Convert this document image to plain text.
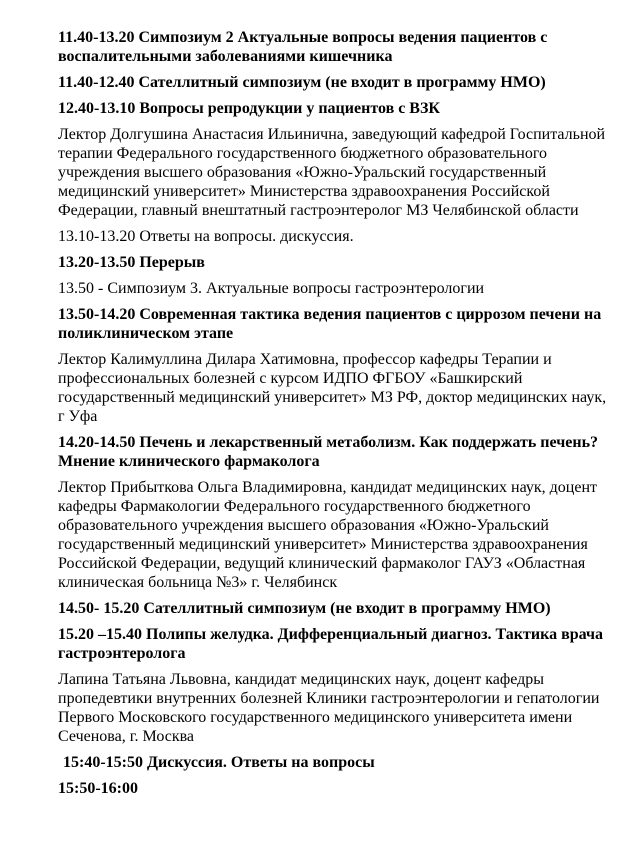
11.40-13.20 Симпозиум 2 Актуальные вопросы ведения пациентов с воспалительными заболеваниями кишечника

11.40-12.40 Сателлитный симпозиум (не входит в программу НМО)

12.40-13.10 Вопросы репродукции у пациентов с ВЗК

Лектор Долгушина Анастасия Ильинична, заведующий кафедрой Госпитальной терапии Федерального государственного бюджетного образовательного учреждения высшего образования «Южно-Уральский государственный медицинский университет» Министерства здравоохранения Российской Федерации, главный внештатный гастроэнтеролог МЗ Челябинской области

13.10-13.20 Ответы на вопросы. дискуссия.

13.20-13.50 Перерыв

13.50 - Симпозиум 3. Актуальные вопросы гастроэнтерологии

13.50-14.20 Современная тактика ведения пациентов с циррозом печени на поликлиническом этапе

Лектор Калимуллина Дилара Хатимовна, профессор кафедры Терапии и профессиональных болезней с курсом ИДПО ФГБОУ «Башкирский государственный медицинский университет» МЗ РФ, доктор медицинских наук, г Уфа

14.20-14.50 Печень и лекарственный метаболизм. Как поддержать печень? Мнение клинического фармаколога

Лектор Прибыткова Ольга Владимировна, кандидат медицинских наук, доцент кафедры Фармакологии Федерального государственного бюджетного образовательного учреждения высшего образования «Южно-Уральский государственный медицинский университет» Министерства здравоохранения Российской Федерации, ведущий клинический фармаколог ГАУЗ «Областная клиническая больница №3» г. Челябинск

14.50- 15.20 Сателлитный симпозиум (не входит в программу НМО)

15.20 –15.40 Полипы желудка. Дифференциальный диагноз. Тактика врача гастроэнтеролога

Лапина Татьяна Львовна, кандидат медицинских наук, доцент кафедры пропедевтики внутренних болезней Клиники гастроэнтерологии и гепатологии Первого Московского государственного медицинского университета имени Сеченова, г. Москва

15:40-15:50 Дискуссия. Ответы на вопросы

15:50-16:00
